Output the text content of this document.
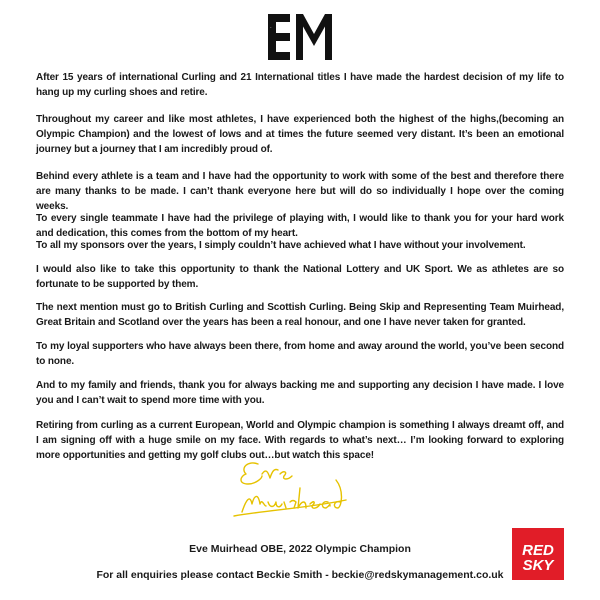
EM

After 15 years of international Curling and 21 International titles I have made the hardest decision of my life to hang up my curling shoes and retire.

Throughout my career and like most athletes, I have experienced both the highest of the highs,(becoming an Olympic Champion) and the lowest of lows and at times the future seemed very distant. It’s been an emotional journey but a journey that I am incredibly proud of.

Behind every athlete is a team and I have had the opportunity to work with some of the best and therefore there are many thanks to be made. I can’t thank everyone here but will do so individually I hope over the coming weeks.

To every single teammate I have had the privilege of playing with, I would like to thank you for your hard work and dedication, this comes from the bottom of my heart.

To all my sponsors over the years, I simply couldn’t have achieved what I have without your involvement.

I would also like to take this opportunity to thank the National Lottery and UK Sport. We as athletes are so fortunate to be supported by them.

The next mention must go to British Curling and Scottish Curling. Being Skip and Representing Team Muirhead, Great Britain and Scotland over the years has been a real honour, and one I have never taken for granted.

To my loyal supporters who have always been there, from home and away around the world, you’ve been second to none.

And to my family and friends, thank you for always backing me and supporting any decision I have made. I love you and I can’t wait to spend more time with you.

Retiring from curling as a current European, World and Olympic champion is something I always dreamt off, and I am signing off with a huge smile on my face. With regards to what’s next… I’m looking forward to exploring more opportunities and getting my golf clubs out…but watch this space!

Eve Muirhead OBE, 2022 Olympic Champion

For all enquiries please contact Beckie Smith - beckie@redskymanagement.co.uk

RED
SKY
